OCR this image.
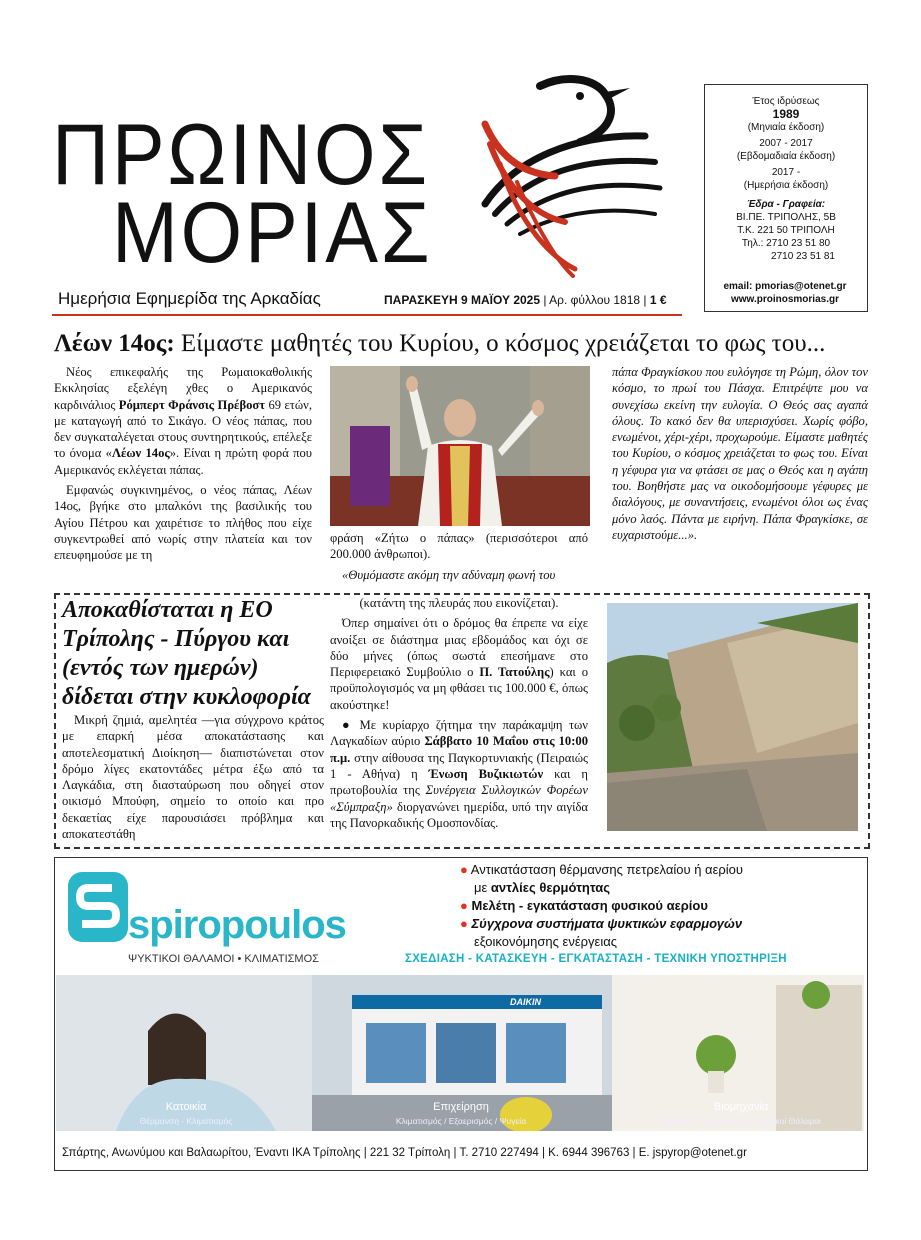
ΠΡΩΙΝΟΣ
ΜΟΡΙΑΣ
Ημερήσια Εφημερίδα της Αρκαδίας	ΠΑΡΑΣΚΕΥΗ 9 ΜΑΪΟΥ 2025 | Αρ. φύλλου 1818 | 1 €
Έτος ιδρύσεως
1989
(Μηνιαία έκδοση)
2007 - 2017
(Εβδομαδιαία έκδοση)
2017 -
(Ημερήσια έκδοση)
Έδρα - Γραφεία:
ΒΙ.ΠΕ. ΤΡΙΠΟΛΗΣ, 5Β
Τ.Κ. 221 50 ΤΡΙΠΟΛΗ
Τηλ.: 2710 23 51 80
2710 23 51 81
email: pmorias@otenet.gr
www.proinosmorias.gr
Λέων 14ος: Είμαστε μαθητές του Κυρίου, ο κόσμος χρειάζεται το φως του...

Νέος επικεφαλής της Ρωμαιοκαθολικής Εκκλησίας εξελέγη χθες ο Αμερικανός καρδινάλιος Ρόμπερτ Φράνσις Πρέβοστ 69 ετών, με καταγωγή από το Σικάγο. Ο νέος πάπας, που δεν συγκαταλέγεται στους συντηρητικούς, επέλεξε το όνομα «Λέων 14ος». Είναι η πρώτη φορά που Αμερικανός εκλέγεται πάπας.

Εμφανώς συγκινημένος, ο νέος πάπας, Λέων 14ος, βγήκε στο μπαλκόνι της βασιλικής του Αγίου Πέτρου και χαιρέτισε το πλήθος που είχε συγκεντρωθεί από νωρίς στην πλατεία και τον επευφημούσε με τη

φράση «Ζήτω ο πάπας» (περισσότεροι από 200.000 άνθρωποι).

«Θυμόμαστε ακόμη την αδύναμη φωνή του

πάπα Φραγκίσκου που ευλόγησε τη Ρώμη, όλον τον κόσμο, το πρωί του Πάσχα. Επιτρέψτε μου να συνεχίσω εκείνη την ευλογία. Ο Θεός σας αγαπά όλους. Το κακό δεν θα υπερισχύσει. Χωρίς φόβο, ενωμένοι, χέρι-χέρι, προχωρούμε. Είμαστε μαθητές του Κυρίου, ο κόσμος χρειάζεται το φως του. Είναι η γέφυρα για να φτάσει σε μας ο Θεός και η αγάπη του. Βοηθήστε μας να οικοδομήσουμε γέφυρες με διαλόγους, με συναντήσεις, ενωμένοι όλοι ως ένας μόνο λαός. Πάντα με ειρήνη. Πάπα Φραγκίσκε, σε ευχαριστούμε...».

Αποκαθίσταται η ΕΟ Τρίπολης - Πύργου και (εντός των ημερών) δίδεται στην κυκλοφορία

Μικρή ζημιά, αμελητέα —για σύγχρονο κράτος με επαρκή μέσα αποκατάστασης και αποτελεσματική Διοίκηση— διαπιστώνεται στον δρόμο λίγες εκατοντάδες μέτρα έξω από τα Λαγκάδια, στη διασταύρωση που οδηγεί στον οικισμό Μπούφη, σημείο το οποίο και προ δεκαετίας είχε παρουσιάσει πρόβλημα και αποκατεστάθη

(κατάντη της πλευράς που εικονίζεται).

Όπερ σημαίνει ότι ο δρόμος θα έπρεπε να είχε ανοίξει σε διάστημα μιας εβδομάδος και όχι σε δύο μήνες (όπως σωστά επεσήμανε στο Περιφερειακό Συμβούλιο ο Π. Τατούλης) και ο προϋπολογισμός να μη φθάσει τις 100.000 €, όπως ακούστηκε!

● Με κυρίαρχο ζήτημα την παράκαμψη των Λαγκαδίων αύριο Σάββατο 10 Μαΐου στις 10:00 π.μ. στην αίθουσα της Παγκορτυνιακής (Πειραιώς 1 - Αθήνα) η Ένωση Βυζικιωτών και η πρωτοβουλία της Συνέργεια Συλλογικών Φορέων «Σύμπραξη» διοργανώνει ημερίδα, υπό την αιγίδα της Πανορκαδικής Ομοσπονδίας.

spiropoulos
ΨΥΚΤΙΚΟΙ ΘΑΛΑΜΟΙ • ΚΛΙΜΑΤΙΣΜΟΣ
● Αντικατάσταση θέρμανσης πετρελαίου ή αερίου
με αντλίες θερμότητας
● Μελέτη - εγκατάσταση φυσικού αερίου
● Σύγχρονα συστήματα ψυκτικών εφαρμογών
εξοικονόμησης ενέργειας
ΣΧΕΔΙΑΣΗ - ΚΑΤΑΣΚΕΥΗ - ΕΓΚΑΤΑΣΤΑΣΗ - ΤΕΧΝΙΚΗ ΥΠΟΣΤΗΡΙΞΗ
Κατοικία
Θέρμανση - Κλιματισμός
Επιχείρηση
Κλιματισμός / Εξαερισμός / Ψυγεία
Βιομηχανία
Αερισμός / Εξαερισμός / Ψυκτικοί Θάλαμοι
DAIKIN
Σπάρτης, Ανωνύμου και Βαλαωρίτου, Έναντι ΙΚΑ Τρίπολης | 221 32 Τρίπολη | Τ. 2710 227494 | Κ. 6944 396763 | Ε. jspyrop@otenet.gr
